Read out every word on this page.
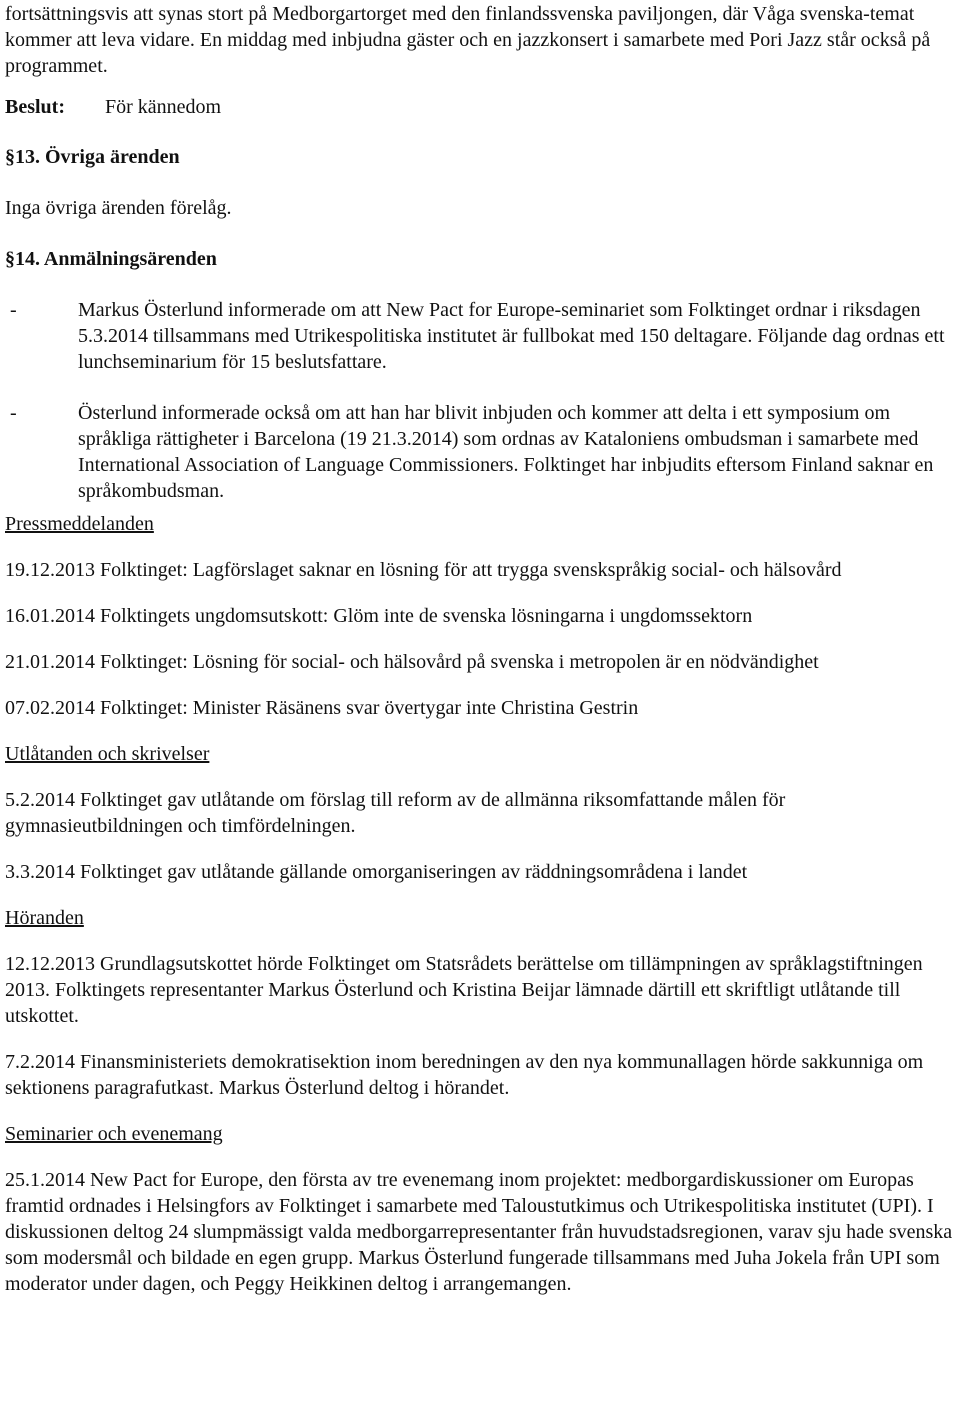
fortsättningsvis att synas stort på Medborgartorget med den finlandssvenska paviljongen, där Våga svenska-temat kommer att leva vidare. En middag med inbjudna gäster och en jazzkonsert i samarbete med Pori Jazz står också på programmet.

Beslut: För kännedom

§13. Övriga ärenden

Inga övriga ärenden förelåg.

§14. Anmälningsärenden

-	Markus Österlund informerade om att New Pact for Europe-seminariet som Folktinget ordnar i riksdagen 5.3.2014 tillsammans med Utrikespolitiska institutet är fullbokat med 150 deltagare. Följande dag ordnas ett lunchseminarium för 15 beslutsfattare.
-	Österlund informerade också om att han har blivit inbjuden och kommer att delta i ett symposium om språkliga rättigheter i Barcelona (19 21.3.2014) som ordnas av Kataloniens ombudsman i samarbete med International Association of Language Commissioners. Folktinget har inbjudits eftersom Finland saknar en språkombudsman.

Pressmeddelanden

19.12.2013 Folktinget: Lagförslaget saknar en lösning för att trygga svenskspråkig social- och hälsovård

16.01.2014 Folktingets ungdomsutskott: Glöm inte de svenska lösningarna i ungdomssektorn

21.01.2014 Folktinget: Lösning för social- och hälsovård på svenska i metropolen är en nödvändighet

07.02.2014 Folktinget: Minister Räsänens svar övertygar inte Christina Gestrin

Utlåtanden och skrivelser

5.2.2014 Folktinget gav utlåtande om förslag till reform av de allmänna riksomfattande målen för gymnasieutbildningen och timfördelningen.

3.3.2014 Folktinget gav utlåtande gällande omorganiseringen av räddningsområdena i landet

Höranden

12.12.2013 Grundlagsutskottet hörde Folktinget om Statsrådets berättelse om tillämpningen av språklagstiftningen 2013. Folktingets representanter Markus Österlund och Kristina Beijar lämnade därtill ett skriftligt utlåtande till utskottet.

7.2.2014 Finansministeriets demokratisektion inom beredningen av den nya kommunallagen hörde sakkunniga om sektionens paragrafutkast. Markus Österlund deltog i hörandet.

Seminarier och evenemang

25.1.2014 New Pact for Europe, den första av tre evenemang inom projektet: medborgardiskussioner om Europas framtid ordnades i Helsingfors av Folktinget i samarbete med Taloustutkimus och Utrikespolitiska institutet (UPI). I diskussionen deltog 24 slumpmässigt valda medborgarrepresentanter från huvudstadsregionen, varav sju hade svenska som modersmål och bildade en egen grupp. Markus Österlund fungerade tillsammans med Juha Jokela från UPI som moderator under dagen, och Peggy Heikkinen deltog i arrangemangen.
